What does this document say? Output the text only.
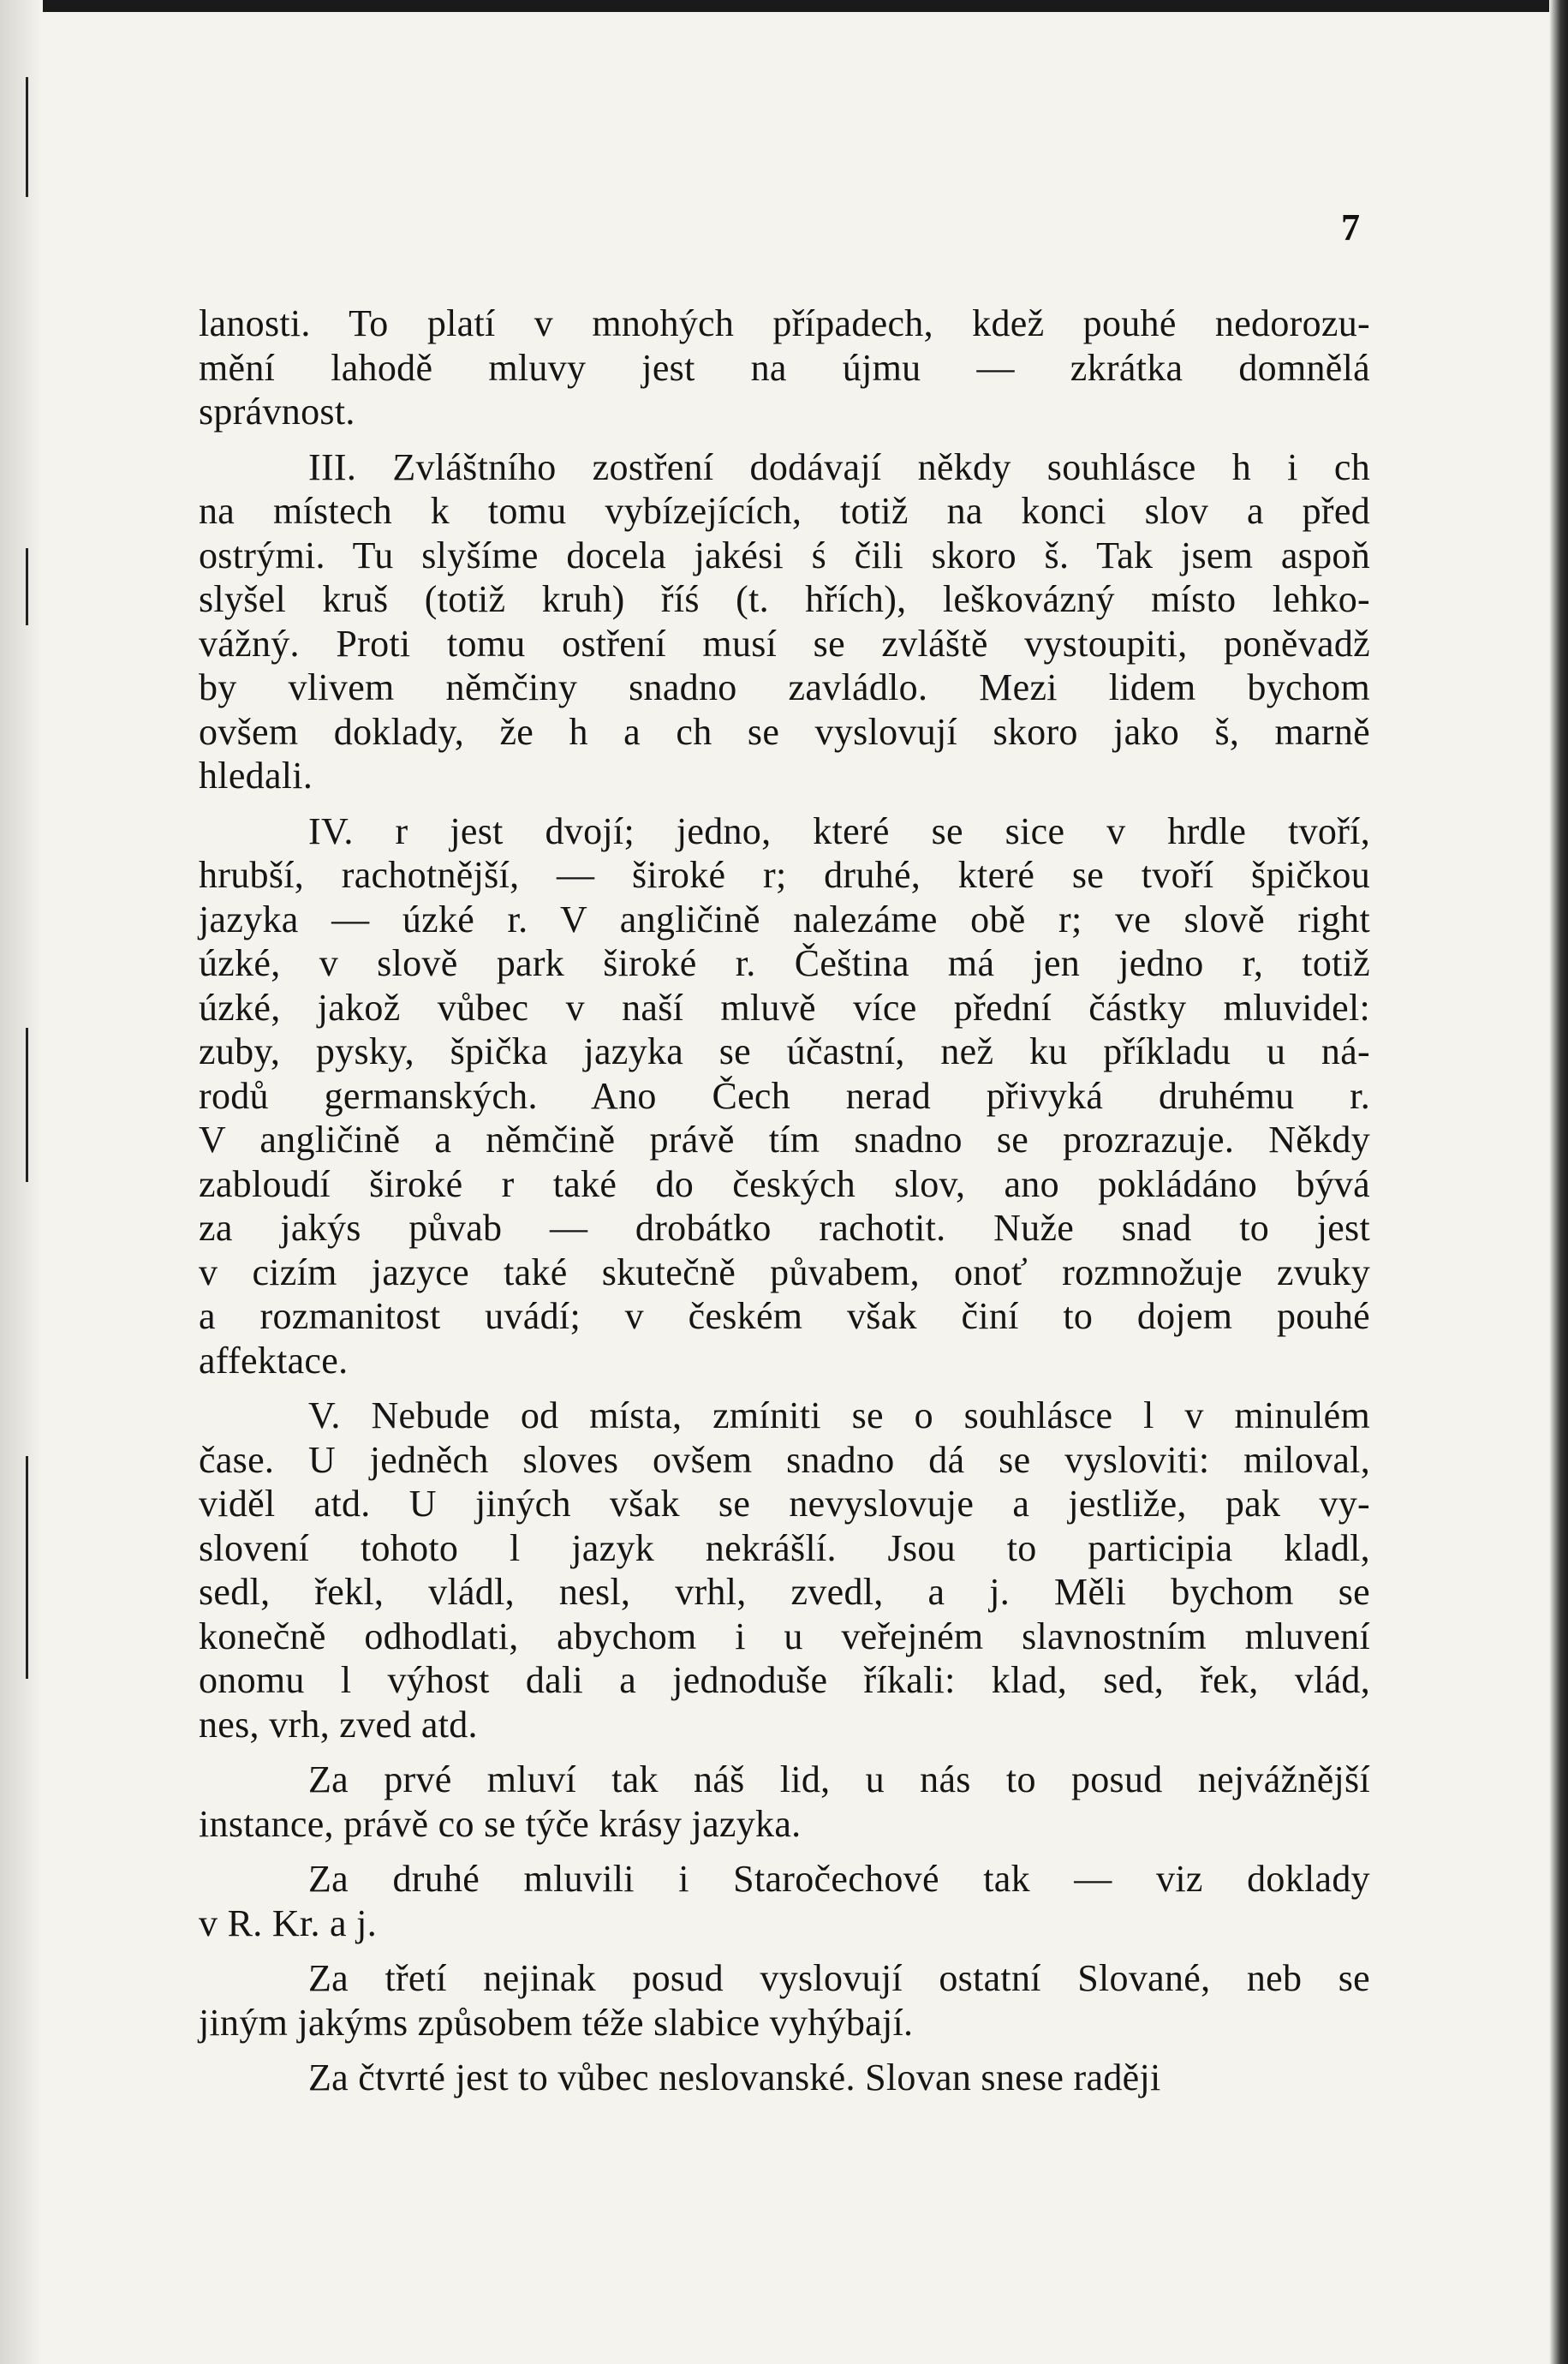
7

lanosti. To platí v mnohých případech, kdež pouhé nedorozu-
mění lahodě mluvy jest na újmu — zkrátka domnělá
správnost.

III. Zvláštního zostření dodávají někdy souhlásce h i ch
na místech k tomu vybízejících, totiž na konci slov a před
ostrými. Tu slyšíme docela jakési ś čili skoro š. Tak jsem aspoň
slyšel kruš (totiž kruh) říś (t. hřích), leškovázný místo lehko-
vážný. Proti tomu ostření musí se zvláště vystoupiti, poněvadž
by vlivem němčiny snadno zavládlo. Mezi lidem bychom
ovšem doklady, že h a ch se vyslovují skoro jako š, marně
hledali.

IV. r jest dvojí; jedno, které se sice v hrdle tvoří,
hrubší, rachotnější, — široké r; druhé, které se tvoří špičkou
jazyka — úzké r. V angličině nalezáme obě r; ve slově right
úzké, v slově park široké r. Čeština má jen jedno r, totiž
úzké, jakož vůbec v naší mluvě více přední částky mluvidel:
zuby, pysky, špička jazyka se účastní, než ku příkladu u ná-
rodů germanských. Ano Čech nerad přivyká druhému r.
V angličině a němčině právě tím snadno se prozrazuje. Někdy
zabloudí široké r také do českých slov, ano pokládáno bývá
za jakýs půvab — drobátko rachotit. Nuže snad to jest
v cizím jazyce také skutečně půvabem, onoť rozmnožuje zvuky
a rozmanitost uvádí; v českém však činí to dojem pouhé
affektace.

V. Nebude od místa, zmíniti se o souhlásce l v minulém
čase. U jedněch sloves ovšem snadno dá se vysloviti: miloval,
viděl atd. U jiných však se nevyslovuje a jestliže, pak vy-
slovení tohoto l jazyk nekrášlí. Jsou to participia kladl,
sedl, řekl, vládl, nesl, vrhl, zvedl, a j. Měli bychom se
konečně odhodlati, abychom i u veřejném slavnostním mluvení
onomu l výhost dali a jednoduše říkali: klad, sed, řek, vlád,
nes, vrh, zved atd.

Za prvé mluví tak náš lid, u nás to posud nejvážnější
instance, právě co se týče krásy jazyka.

Za druhé mluvili i Staročechové tak — viz doklady
v R. Kr. a j.

Za třetí nejinak posud vyslovují ostatní Slované, neb se
jiným jakýms způsobem téže slabice vyhýbají.

Za čtvrté jest to vůbec neslovanské. Slovan snese raději
